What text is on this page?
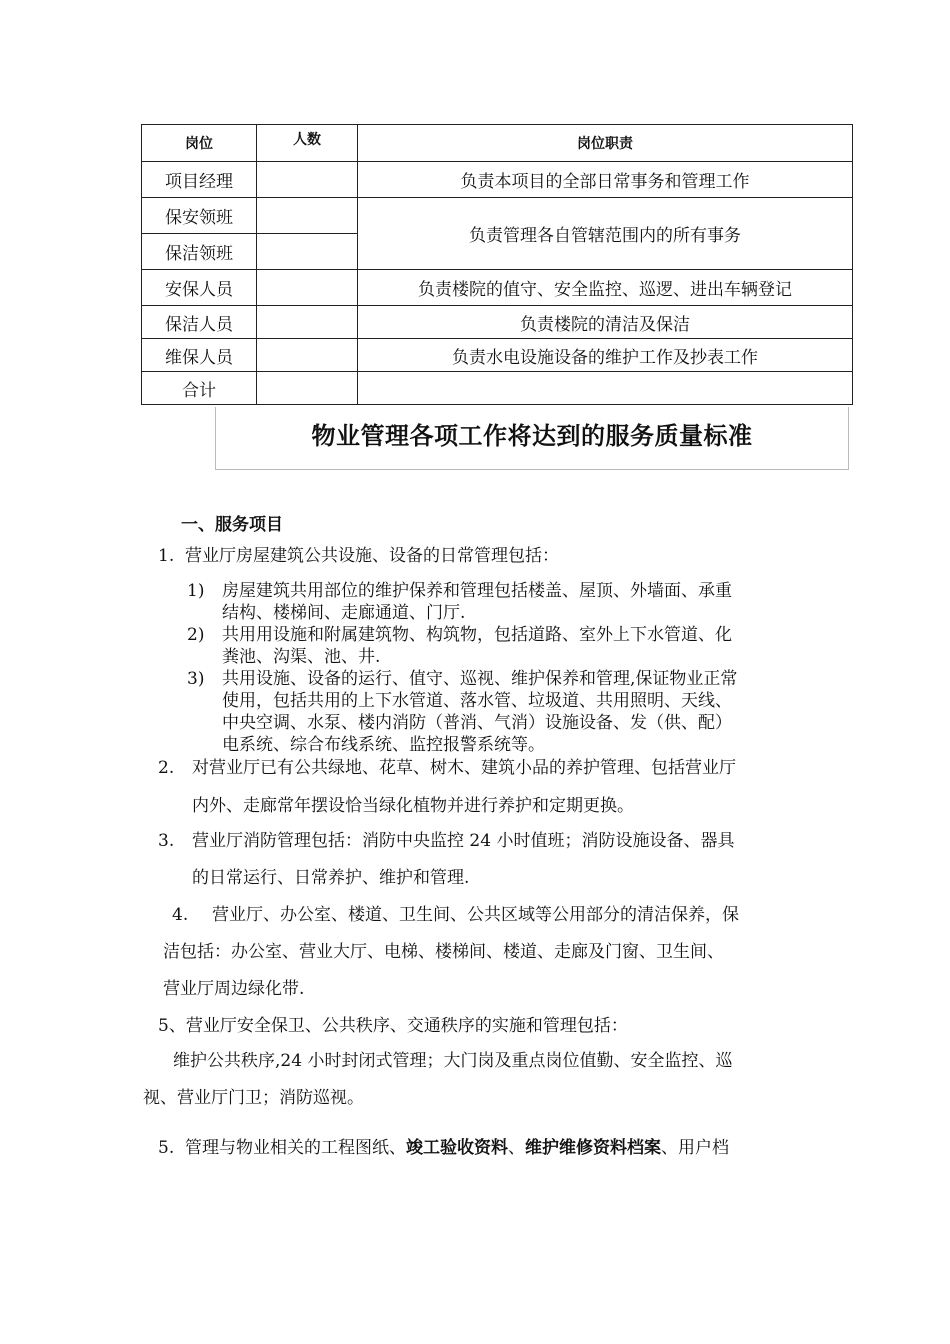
岗位	人数	岗位职责
项目经理		负责本项目的全部日常事务和管理工作
保安领班		负责管理各自管辖范围内的所有事务
保洁领班		
安保人员		负责楼院的值守、安全监控、巡逻、进出车辆登记
保洁人员		负责楼院的清洁及保洁
维保人员		负责水电设施设备的维护工作及抄表工作
合计		
物业管理各项工作将达到的服务质量标准
一、服务项目
1. 营业厅房屋建筑公共设施、设备的日常管理包括：
1) 房屋建筑共用部位的维护保养和管理包括楼盖、屋顶、外墙面、承重
结构、楼梯间、走廊通道、门厅.
2) 共用用设施和附属建筑物、构筑物，包括道路、室外上下水管道、化
粪池、沟渠、池、井.
3) 共用设施、设备的运行、值守、巡视、维护保养和管理,保证物业正常
使用，包括共用的上下水管道、落水管、垃圾道、共用照明、天线、
中央空调、水泵、楼内消防（普消、气消）设施设备、发（供、配）
电系统、综合布线系统、监控报警系统等。
2. 对营业厅已有公共绿地、花草、树木、建筑小品的养护管理、包括营业厅
内外、走廊常年摆设恰当绿化植物并进行养护和定期更换。
3. 营业厅消防管理包括：消防中央监控 24 小时值班；消防设施设备、器具
的日常运行、日常养护、维护和管理.
4. 营业厅、办公室、楼道、卫生间、公共区域等公用部分的清洁保养，保
洁包括：办公室、营业大厅、电梯、楼梯间、楼道、走廊及门窗、卫生间、
营业厅周边绿化带.
5、营业厅安全保卫、公共秩序、交通秩序的实施和管理包括：
维护公共秩序,24 小时封闭式管理；大门岗及重点岗位值勤、安全监控、巡
视、营业厅门卫；消防巡视。
5. 管理与物业相关的工程图纸、竣工验收资料、维护维修资料档案、用户档
